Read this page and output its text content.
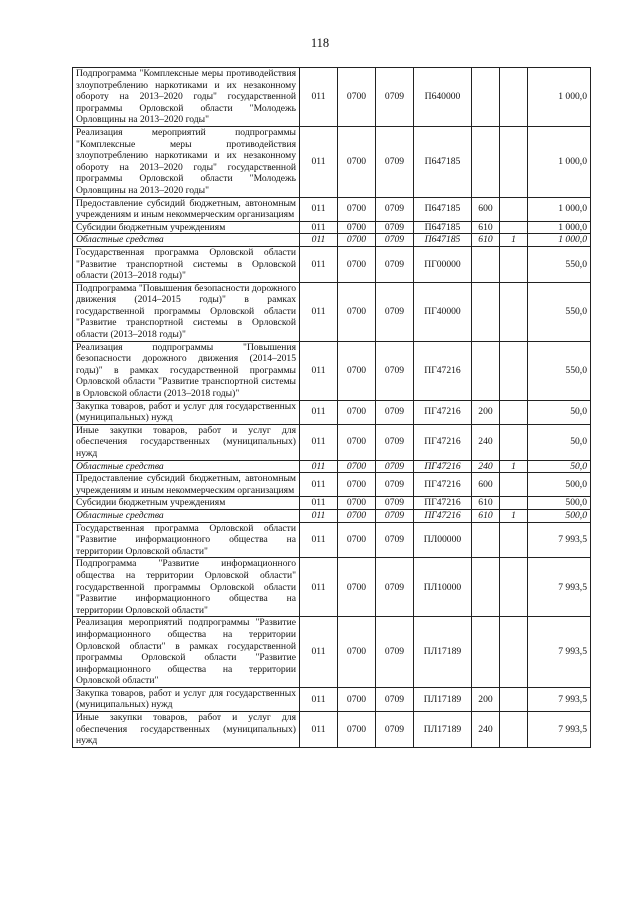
118
Подпрограмма "Комплексные меры противодействия злоупотреблению наркотиками и их незаконному обороту на 2013–2020 годы" государственной программы Орловской области "Молодежь Орловщины на 2013–2020 годы"	011	0700	0709	П640000			1 000,0
Реализация мероприятий подпрограммы "Комплексные меры противодействия злоупотреблению наркотиками и их незаконному обороту на 2013–2020 годы" государственной программы Орловской области "Молодежь Орловщины на 2013–2020 годы"	011	0700	0709	П647185			1 000,0
Предоставление субсидий бюджетным, автономным учреждениям и иным некоммерческим организациям	011	0700	0709	П647185	600		1 000,0
Субсидии бюджетным учреждениям	011	0700	0709	П647185	610		1 000,0
Областные средства	011	0700	0709	П647185	610	1	1 000,0
Государственная программа Орловской области "Развитие транспортной системы в Орловской области (2013–2018 годы)"	011	0700	0709	ПГ00000			550,0
Подпрограмма "Повышения безопасности дорожного движения (2014–2015 годы)" в рамках государственной программы Орловской области "Развитие транспортной системы в Орловской области (2013–2018 годы)"	011	0700	0709	ПГ40000			550,0
Реализация подпрограммы "Повышения безопасности дорожного движения (2014–2015 годы)" в рамках государственной программы Орловской области "Развитие транспортной системы в Орловской области (2013–2018 годы)"	011	0700	0709	ПГ47216			550,0
Закупка товаров, работ и услуг для государственных (муниципальных) нужд	011	0700	0709	ПГ47216	200		50,0
Иные закупки товаров, работ и услуг для обеспечения государственных (муниципальных) нужд	011	0700	0709	ПГ47216	240		50,0
Областные средства	011	0700	0709	ПГ47216	240	1	50,0
Предоставление субсидий бюджетным, автономным учреждениям и иным некоммерческим организациям	011	0700	0709	ПГ47216	600		500,0
Субсидии бюджетным учреждениям	011	0700	0709	ПГ47216	610		500,0
Областные средства	011	0700	0709	ПГ47216	610	1	500,0
Государственная программа Орловской области "Развитие информационного общества на территории Орловской области"	011	0700	0709	ПЛ00000			7 993,5
Подпрограмма "Развитие информационного общества на территории Орловской области" государственной программы Орловской области "Развитие информационного общества на территории Орловской области"	011	0700	0709	ПЛ10000			7 993,5
Реализация мероприятий подпрограммы "Развитие информационного общества на территории Орловской области" в рамках государственной программы Орловской области "Развитие информационного общества на территории Орловской области"	011	0700	0709	ПЛ17189			7 993,5
Закупка товаров, работ и услуг для государственных (муниципальных) нужд	011	0700	0709	ПЛ17189	200		7 993,5
Иные закупки товаров, работ и услуг для обеспечения государственных (муниципальных) нужд	011	0700	0709	ПЛ17189	240		7 993,5
